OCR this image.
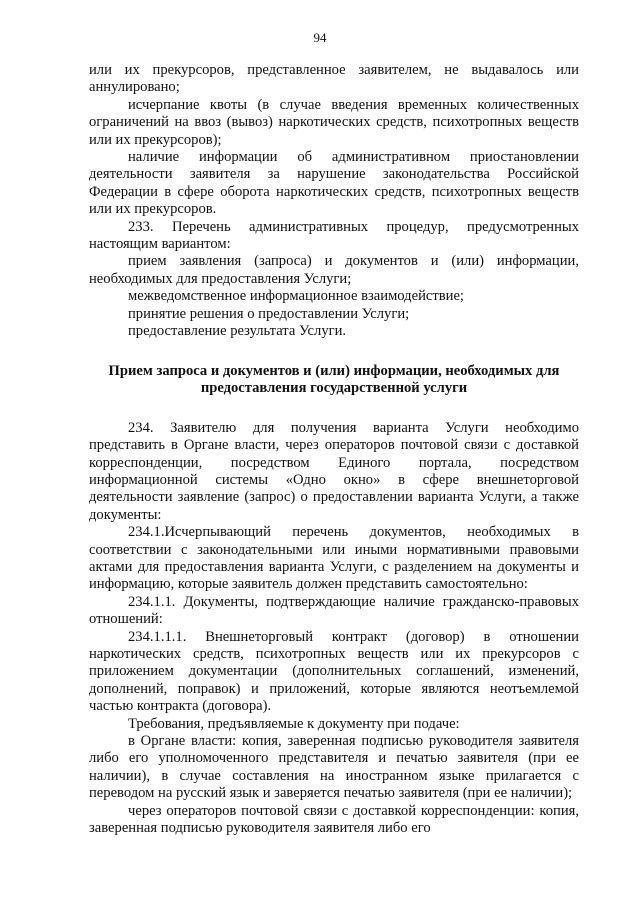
94

или их прекурсоров, представленное заявителем, не выдавалось или аннулировано;

исчерпание квоты (в случае введения временных количественных ограничений на ввоз (вывоз) наркотических средств, психотропных веществ или их прекурсоров);

наличие информации об административном приостановлении деятельности заявителя за нарушение законодательства Российской Федерации в сфере оборота наркотических средств, психотропных веществ или их прекурсоров.

233. Перечень административных процедур, предусмотренных настоящим вариантом:

прием заявления (запроса) и документов и (или) информации, необходимых для предоставления Услуги;

межведомственное информационное взаимодействие;

принятие решения о предоставлении Услуги;

предоставление результата Услуги.

Прием запроса и документов и (или) информации, необходимых для предоставления государственной услуги

234. Заявителю для получения варианта Услуги необходимо представить в Органе власти, через операторов почтовой связи с доставкой корреспонденции, посредством Единого портала, посредством информационной системы «Одно окно» в сфере внешнеторговой деятельности заявление (запрос) о предоставлении варианта Услуги, а также документы:

234.1.Исчерпывающий перечень документов, необходимых в соответствии с законодательными или иными нормативными правовыми актами для предоставления варианта Услуги, с разделением на документы и информацию, которые заявитель должен представить самостоятельно:

234.1.1. Документы, подтверждающие наличие гражданско-правовых отношений:

234.1.1.1. Внешнеторговый контракт (договор) в отношении наркотических средств, психотропных веществ или их прекурсоров с приложением документации (дополнительных соглашений, изменений, дополнений, поправок) и приложений, которые являются неотъемлемой частью контракта (договора).

Требования, предъявляемые к документу при подаче:

в Органе власти: копия, заверенная подписью руководителя заявителя либо его уполномоченного представителя и печатью заявителя (при ее наличии), в случае составления на иностранном языке прилагается с переводом на русский язык и заверяется печатью заявителя (при ее наличии);

через операторов почтовой связи с доставкой корреспонденции: копия, заверенная подписью руководителя заявителя либо его
